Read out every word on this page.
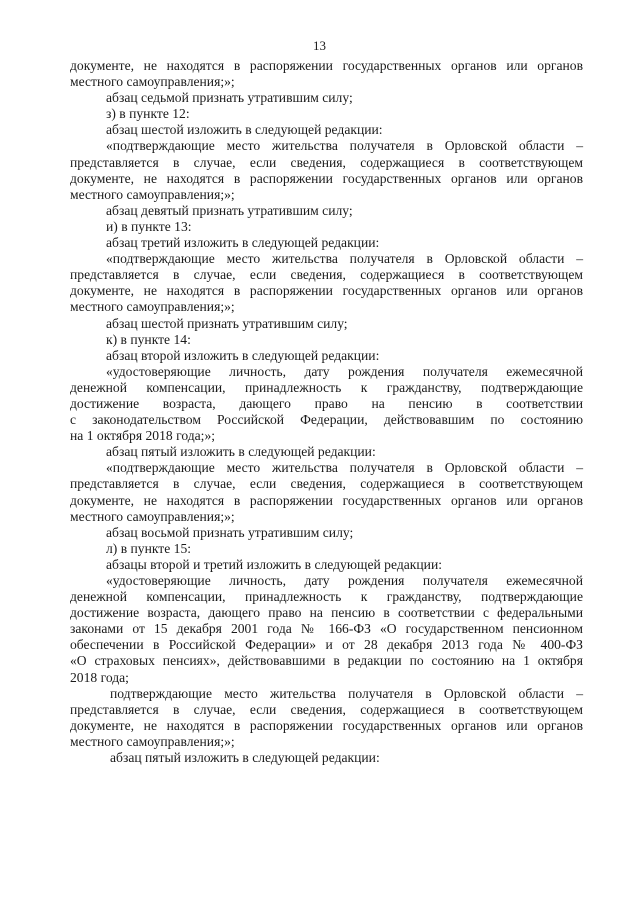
13
документе, не находятся в распоряжении государственных органов или органов
местного самоуправления;»;
абзац седьмой признать утратившим силу;
з) в пункте 12:
абзац шестой изложить в следующей редакции:
«подтверждающие место жительства получателя в Орловской области –
представляется в случае, если сведения, содержащиеся в соответствующем
документе, не находятся в распоряжении государственных органов или органов
местного самоуправления;»;
абзац девятый признать утратившим силу;
и) в пункте 13:
абзац третий изложить в следующей редакции:
«подтверждающие место жительства получателя в Орловской области –
представляется в случае, если сведения, содержащиеся в соответствующем
документе, не находятся в распоряжении государственных органов или органов
местного самоуправления;»;
абзац шестой признать утратившим силу;
к) в пункте 14:
абзац второй изложить в следующей редакции:
«удостоверяющие личность, дату рождения получателя ежемесячной
денежной компенсации, принадлежность к гражданству, подтверждающие
достижение возраста, дающего право на пенсию в соответствии
с законодательством Российской Федерации, действовавшим по состоянию
на 1 октября 2018 года;»;
абзац пятый изложить в следующей редакции:
«подтверждающие место жительства получателя в Орловской области –
представляется в случае, если сведения, содержащиеся в соответствующем
документе, не находятся в распоряжении государственных органов или органов
местного самоуправления;»;
абзац восьмой признать утратившим силу;
л) в пункте 15:
абзацы второй и третий изложить в следующей редакции:
«удостоверяющие личность, дату рождения получателя ежемесячной
денежной компенсации, принадлежность к гражданству, подтверждающие
достижение возраста, дающего право на пенсию в соответствии с федеральными
законами от 15 декабря 2001 года № 166-ФЗ «О государственном пенсионном
обеспечении в Российской Федерации» и от 28 декабря 2013 года № 400-ФЗ
«О страховых пенсиях», действовавшими в редакции по состоянию на 1 октября
2018 года;
подтверждающие место жительства получателя в Орловской области –
представляется в случае, если сведения, содержащиеся в соответствующем
документе, не находятся в распоряжении государственных органов или органов
местного самоуправления;»;
абзац пятый изложить в следующей редакции:
